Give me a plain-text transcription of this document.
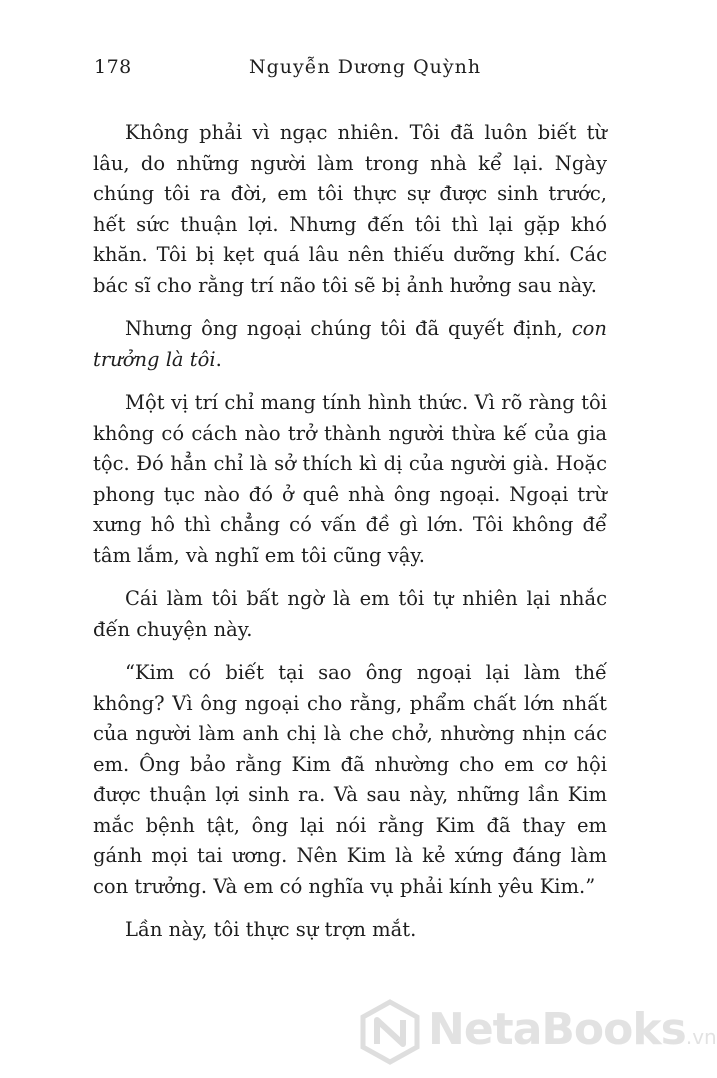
178	Nguyễn Dương Quỳnh

Không phải vì ngạc nhiên. Tôi đã luôn biết từ lâu, do những người làm trong nhà kể lại. Ngày chúng tôi ra đời, em tôi thực sự được sinh trước, hết sức thuận lợi. Nhưng đến tôi thì lại gặp khó khăn. Tôi bị kẹt quá lâu nên thiếu dưỡng khí. Các bác sĩ cho rằng trí não tôi sẽ bị ảnh hưởng sau này.

Nhưng ông ngoại chúng tôi đã quyết định, con trưởng là tôi.

Một vị trí chỉ mang tính hình thức. Vì rõ ràng tôi không có cách nào trở thành người thừa kế của gia tộc. Đó hẳn chỉ là sở thích kì dị của người già. Hoặc phong tục nào đó ở quê nhà ông ngoại. Ngoại trừ xưng hô thì chẳng có vấn đề gì lớn. Tôi không để tâm lắm, và nghĩ em tôi cũng vậy.

Cái làm tôi bất ngờ là em tôi tự nhiên lại nhắc đến chuyện này.

“Kim có biết tại sao ông ngoại lại làm thế không? Vì ông ngoại cho rằng, phẩm chất lớn nhất của người làm anh chị là che chở, nhường nhịn các em. Ông bảo rằng Kim đã nhường cho em cơ hội được thuận lợi sinh ra. Và sau này, những lần Kim mắc bệnh tật, ông lại nói rằng Kim đã thay em gánh mọi tai ương. Nên Kim là kẻ xứng đáng làm con trưởng. Và em có nghĩa vụ phải kính yêu Kim.”

Lần này, tôi thực sự trợn mắt.

NetaBooks.vn
